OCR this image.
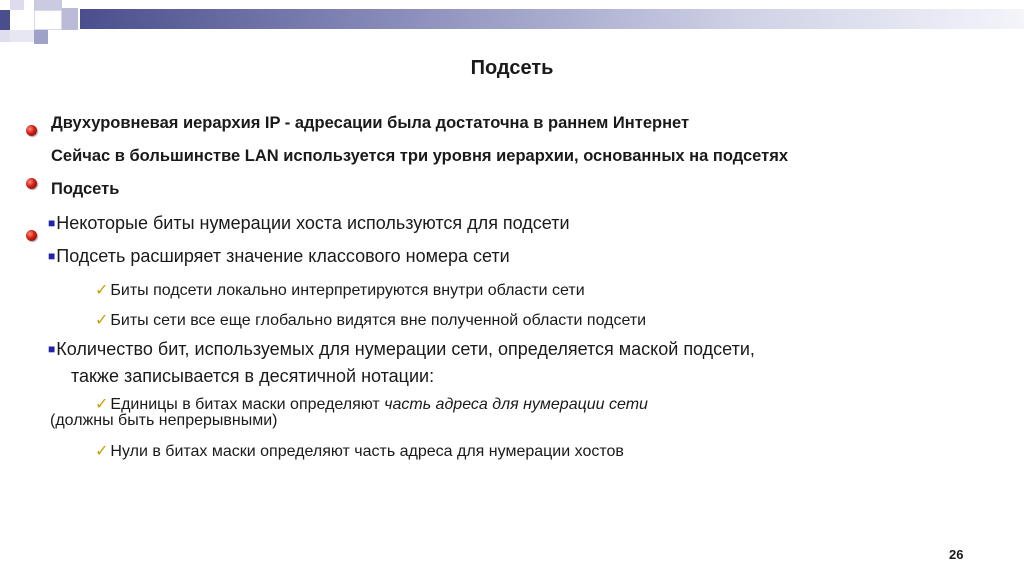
Подсеть
Двухуровневая иерархия IP - адресации была достаточна в раннем Интернет
Сейчас в большинстве LAN используется три уровня иерархии, основанных на подсетях
Подсеть
■Некоторые биты нумерации хоста используются для подсети
■Подсеть расширяет значение классового номера сети
✓ Биты подсети локально интерпретируются внутри области сети
✓ Биты сети все еще глобально видятся вне полученной области подсети
■Количество бит, используемых для нумерации сети, определяется маской подсети,
также записывается в десятичной нотации:
✓ Единицы в битах маски определяют часть адреса для нумерации сети
(должны быть непрерывными)
✓ Нули в битах маски определяют часть адреса для нумерации хостов
26
